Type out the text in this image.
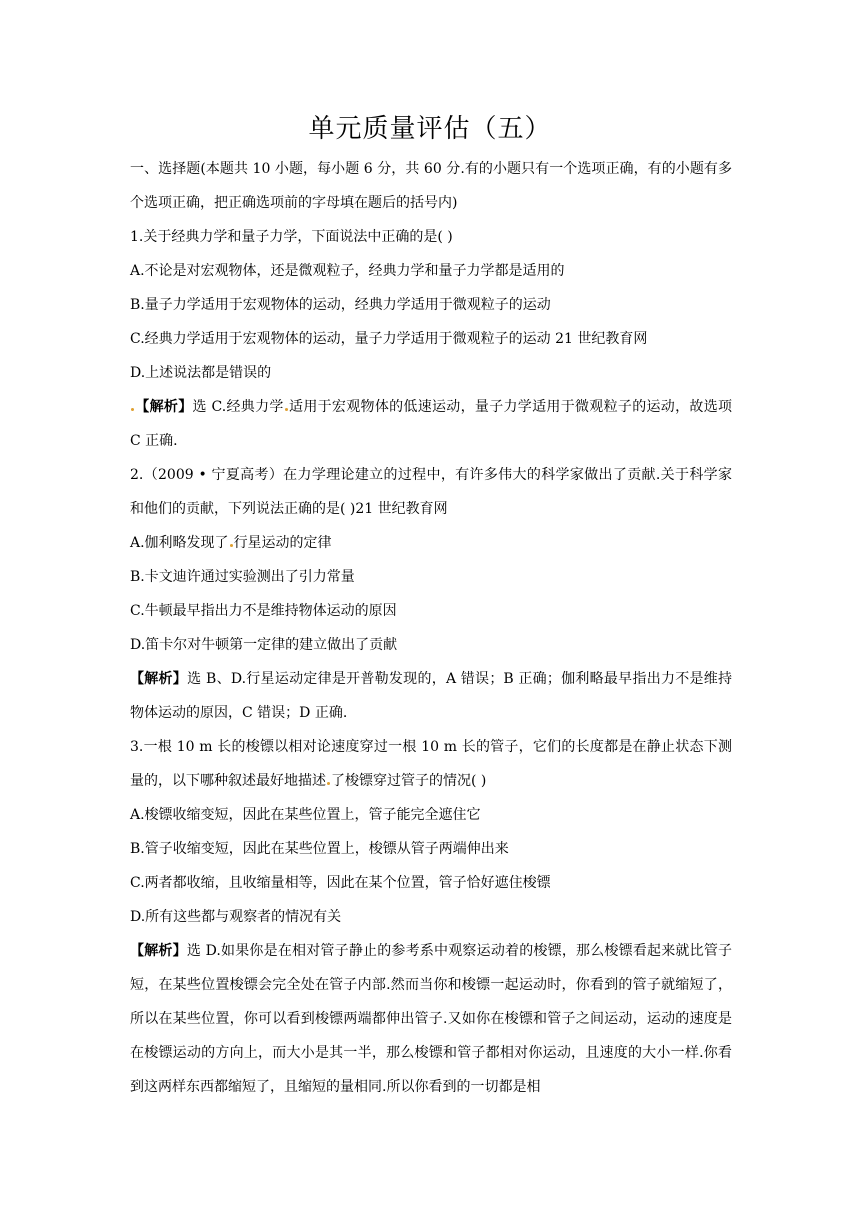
单元质量评估（五）

一、选择题(本题共 10 小题，每小题 6 分，共 60 分.有的小题只有一个选项正确，有的小题有多个选项正确，把正确选项前的字母填在题后的括号内)

1.关于经典力学和量子力学，下面说法中正确的是( )

A.不论是对宏观物体，还是微观粒子，经典力学和量子力学都是适用的

B.量子力学适用于宏观物体的运动，经典力学适用于微观粒子的运动

C.经典力学适用于宏观物体的运动，量子力学适用于微观粒子的运动 21 世纪教育网

D.上述说法都是错误的

【解析】选 C.经典力学 适用于宏观物体的低速运动，量子力学适用于微观粒子的运动，故选项 C 正确.

2.（2009 • 宁夏高考）在力学理论建立的过程中，有许多伟大的科学家做出了贡献.关于科学家和他们的贡献，下列说法正确的是( )21 世纪教育网

A.伽利略发现了 行星运动的定律

B.卡文迪许通过实验测出了引力常量

C.牛顿最早指出力不是维持物体运动的原因

D.笛卡尔对牛顿第一定律的建立做出了贡献

【解析】选 B、D.行星运动定律是开普勒发现的，A 错误；B 正确；伽利略最早指出力不是维持物体运动的原因，C 错误；D 正确.

3.一根 10 m 长的梭镖以相对论速度穿过一根 10 m 长的管子，它们的长度都是在静止状态下测量的，以下哪种叙述最好地描述 了梭镖穿过管子的情况( )

A.梭镖收缩变短，因此在某些位置上，管子能完全遮住它

B.管子收缩变短，因此在某些位置上，梭镖从管子两端伸出来

C.两者都收缩，且收缩量相等，因此在某个位置，管子恰好遮住梭镖

D.所有这些都与观察者的情况有关

【解析】选 D.如果你是在相对管子静止的参考系中观察运动着的梭镖，那么梭镖看起来就比管子短，在某些位置梭镖会完全处在管子内部.然而当你和梭镖一起运动时，你看到的管子就缩短了，所以在某些位置，你可以看到梭镖两端都伸出管子.又如你在梭镖和管子之间运动，运动的速度是在梭镖运动的方向上，而大小是其一半，那么梭镖和管子都相对你运动，且速度的大小一样.你看到这两样东西都缩短了，且缩短的量相同.所以你看到的一切都是相
